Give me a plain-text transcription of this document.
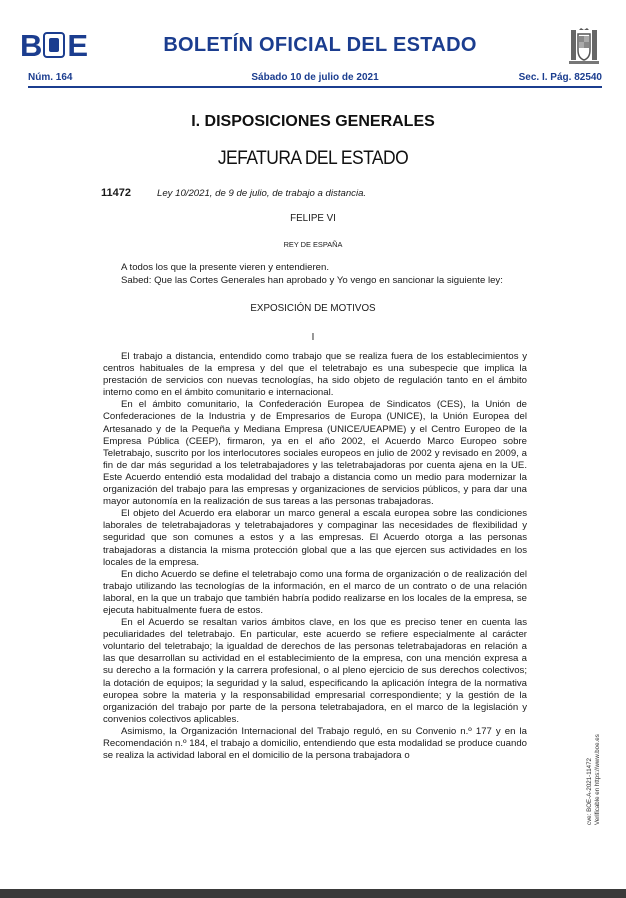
B E	BOLETÍN OFICIAL DEL ESTADO
Núm. 164	Sábado 10 de julio de 2021	Sec. I. Pág. 82540
I. DISPOSICIONES GENERALES
JEFATURA DEL ESTADO
11472	Ley 10/2021, de 9 de julio, de trabajo a distancia.
FELIPE VI
REY DE ESPAÑA
A todos los que la presente vieren y entendieren.
Sabed: Que las Cortes Generales han aprobado y Yo vengo en sancionar la siguiente ley:
EXPOSICIÓN DE MOTIVOS
I

El trabajo a distancia, entendido como trabajo que se realiza fuera de los establecimientos y centros habituales de la empresa y del que el teletrabajo es una subespecie que implica la prestación de servicios con nuevas tecnologías, ha sido objeto de regulación tanto en el ámbito interno como en el ámbito comunitario e internacional.

En el ámbito comunitario, la Confederación Europea de Sindicatos (CES), la Unión de Confederaciones de la Industria y de Empresarios de Europa (UNICE), la Unión Europea del Artesanado y de la Pequeña y Mediana Empresa (UNICE/UEAPME) y el Centro Europeo de la Empresa Pública (CEEP), firmaron, ya en el año 2002, el Acuerdo Marco Europeo sobre Teletrabajo, suscrito por los interlocutores sociales europeos en julio de 2002 y revisado en 2009, a fin de dar más seguridad a los teletrabajadores y las teletrabajadoras por cuenta ajena en la UE. Este Acuerdo entendió esta modalidad del trabajo a distancia como un medio para modernizar la organización del trabajo para las empresas y organizaciones de servicios públicos, y para dar una mayor autonomía en la realización de sus tareas a las personas trabajadoras.

El objeto del Acuerdo era elaborar un marco general a escala europea sobre las condiciones laborales de teletrabajadoras y teletrabajadores y compaginar las necesidades de flexibilidad y seguridad que son comunes a estos y a las empresas. El Acuerdo otorga a las personas trabajadoras a distancia la misma protección global que a las que ejercen sus actividades en los locales de la empresa.

En dicho Acuerdo se define el teletrabajo como una forma de organización o de realización del trabajo utilizando las tecnologías de la información, en el marco de un contrato o de una relación laboral, en la que un trabajo que también habría podido realizarse en los locales de la empresa, se ejecuta habitualmente fuera de estos.

En el Acuerdo se resaltan varios ámbitos clave, en los que es preciso tener en cuenta las peculiaridades del teletrabajo. En particular, este acuerdo se refiere especialmente al carácter voluntario del teletrabajo; la igualdad de derechos de las personas teletrabajadoras en relación a las que desarrollan su actividad en el establecimiento de la empresa, con una mención expresa a su derecho a la formación y la carrera profesional, o al pleno ejercicio de sus derechos colectivos; la dotación de equipos; la seguridad y la salud, especificando la aplicación íntegra de la normativa europea sobre la materia y la responsabilidad empresarial correspondiente; y la gestión de la organización del trabajo por parte de la persona teletrabajadora, en el marco de la legislación y convenios colectivos aplicables.

Asimismo, la Organización Internacional del Trabajo reguló, en su Convenio n.º 177 y en la Recomendación n.º 184, el trabajo a domicilio, entendiendo que esta modalidad se produce cuando se realiza la actividad laboral en el domicilio de la persona trabajadora o

cve: BOE-A-2021-11472 Verificable en https://www.boe.es
